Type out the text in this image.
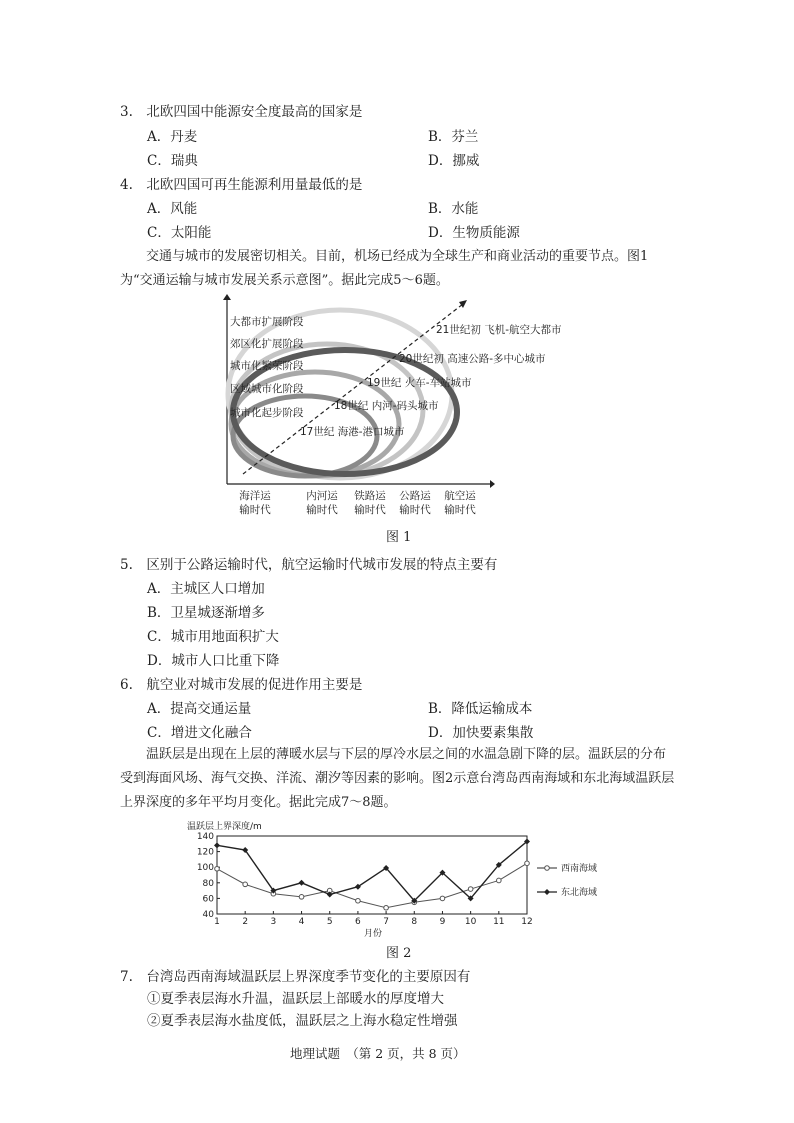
3.　北欧四国中能源安全度最高的国家是
A．丹麦	B．芬兰
C．瑞典	D．挪威
4.　北欧四国可再生能源利用量最低的是
A．风能	B．水能
C．太阳能	D．生物质能源
交通与城市的发展密切相关。目前，机场已经成为全球生产和商业活动的重要节点。图1为“交通运输与城市发展关系示意图”。据此完成5～6题。
大都市扩展阶段
郊区化扩展阶段
城市化繁荣阶段
区域城市化阶段
城市化起步阶段
21世纪初 飞机-航空大都市
20世纪初 高速公路-多中心城市
19世纪 火车-车站城市
18世纪 内河-码头城市
17世纪 海港-港口城市
海洋运
输时代
内河运
输时代
铁路运
输时代
公路运
输时代
航空运
输时代
图 1
5.　区别于公路运输时代，航空运输时代城市发展的特点主要有
A．主城区人口增加
B．卫星城逐渐增多
C．城市用地面积扩大
D．城市人口比重下降
6.　航空业对城市发展的促进作用主要是
A．提高交通运量	B．降低运输成本
C．增进文化融合	D．加快要素集散
温跃层是出现在上层的薄暖水层与下层的厚冷水层之间的水温急剧下降的层。温跃层的分布受到海面风场、海气交换、洋流、潮汐等因素的影响。图2示意台湾岛西南海域和东北海域温跃层上界深度的多年平均月变化。据此完成7～8题。
温跃层上界深度/m
40
60
80
100
120
140
1 2 3 4 5 6 7 8 9 10 11 12
西南海域
东北海域
月份
图 2
7.　台湾岛西南海域温跃层上界深度季节变化的主要原因有
①夏季表层海水升温，温跃层上部暖水的厚度增大
②夏季表层海水盐度低，温跃层之上海水稳定性增强
地理试题　（第 2 页，共 8 页）
